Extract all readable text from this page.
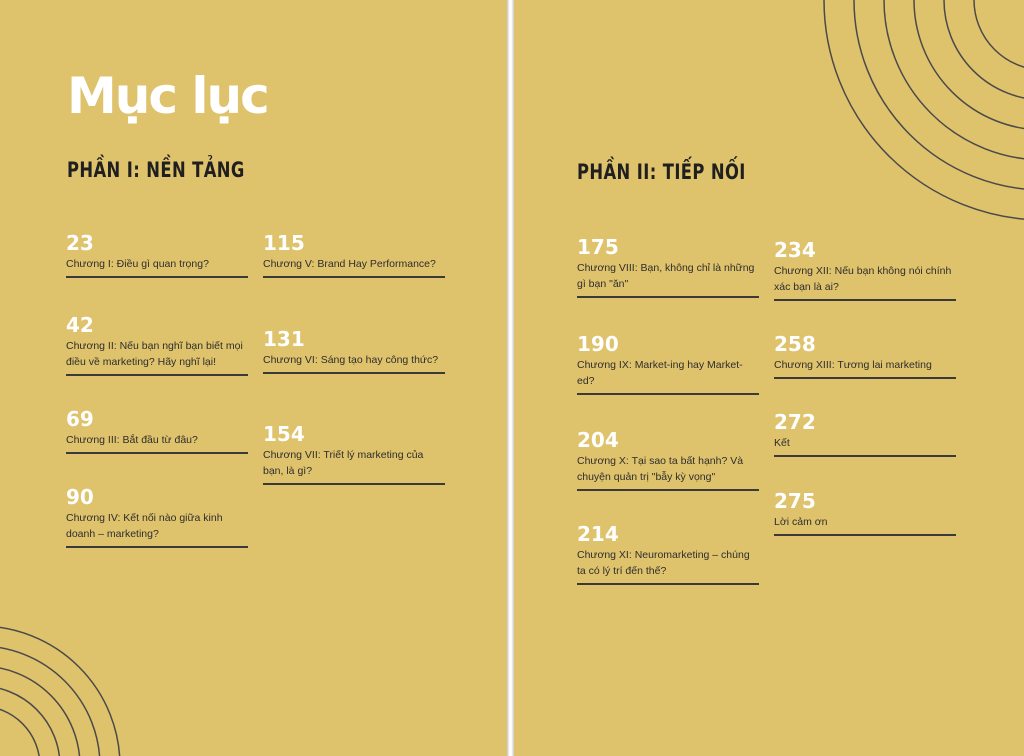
Mục lục
PHẦN I: NỀN TẢNG
23
Chương I: Điều gì quan trọng?
42
Chương II: Nếu bạn nghĩ bạn biết mọi điều về marketing? Hãy nghĩ lại!
69
Chương III: Bắt đầu từ đâu?
90
Chương IV: Kết nối nào giữa kinh doanh – marketing?
115
Chương V: Brand Hay Performance?
131
Chương VI: Sáng tạo hay công thức?
154
Chương VII: Triết lý marketing của bạn, là gì?
PHẦN II: TIẾP NỐI
175
Chương VIII: Bạn, không chỉ là những gì bạn "ăn"
190
Chương IX: Market-ing hay Market-ed?
204
Chương X: Tại sao ta bất hạnh? Và chuyện quản trị "bẫy kỳ vọng"
214
Chương XI: Neuromarketing – chúng ta có lý trí đến thế?
234
Chương XII: Nếu bạn không nói chính xác bạn là ai?
258
Chương XIII: Tương lai marketing
272
Kết
275
Lời cảm ơn
